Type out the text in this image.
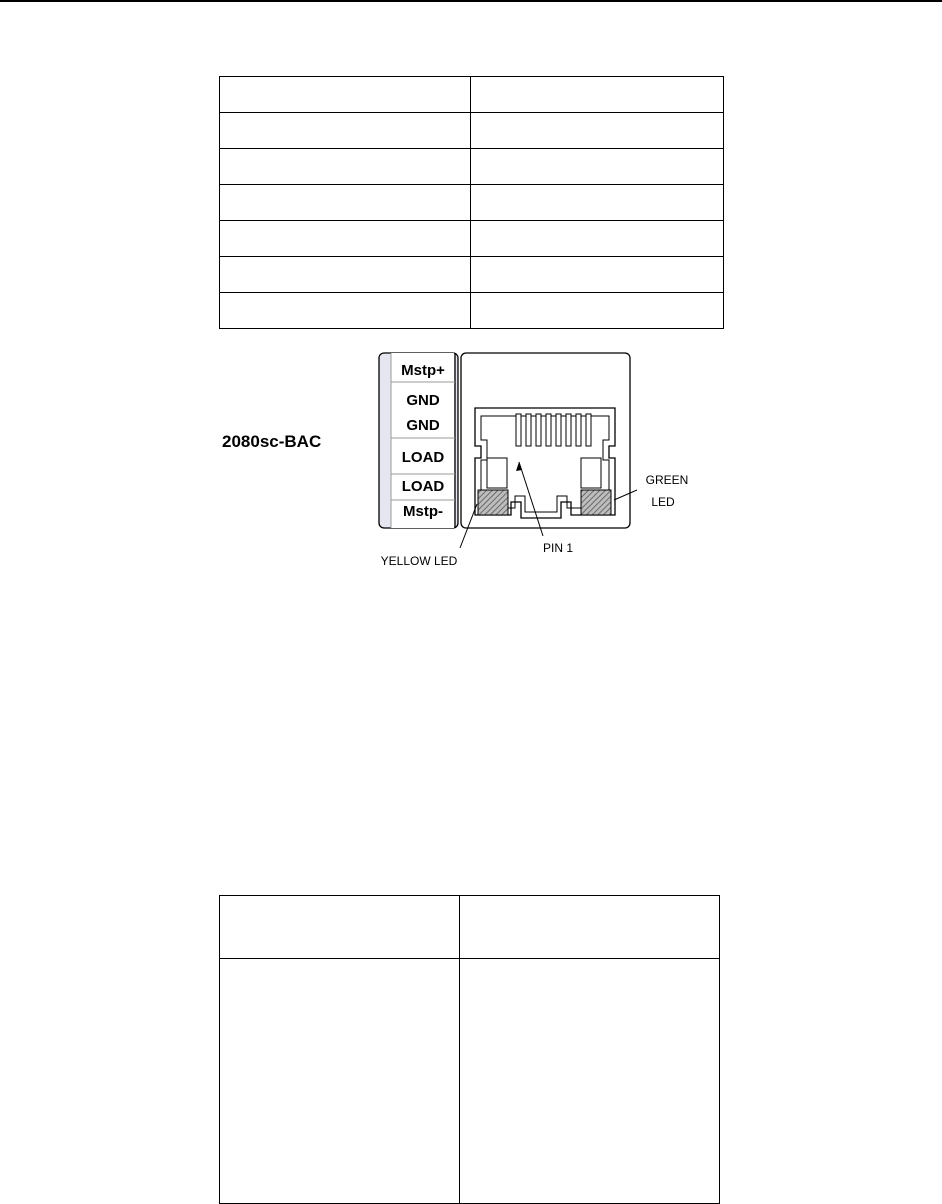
2080sc-BAC
Mstp+
GND
GND
LOAD
LOAD
Mstp-
GREEN
LED
PIN 1
YELLOW LED
